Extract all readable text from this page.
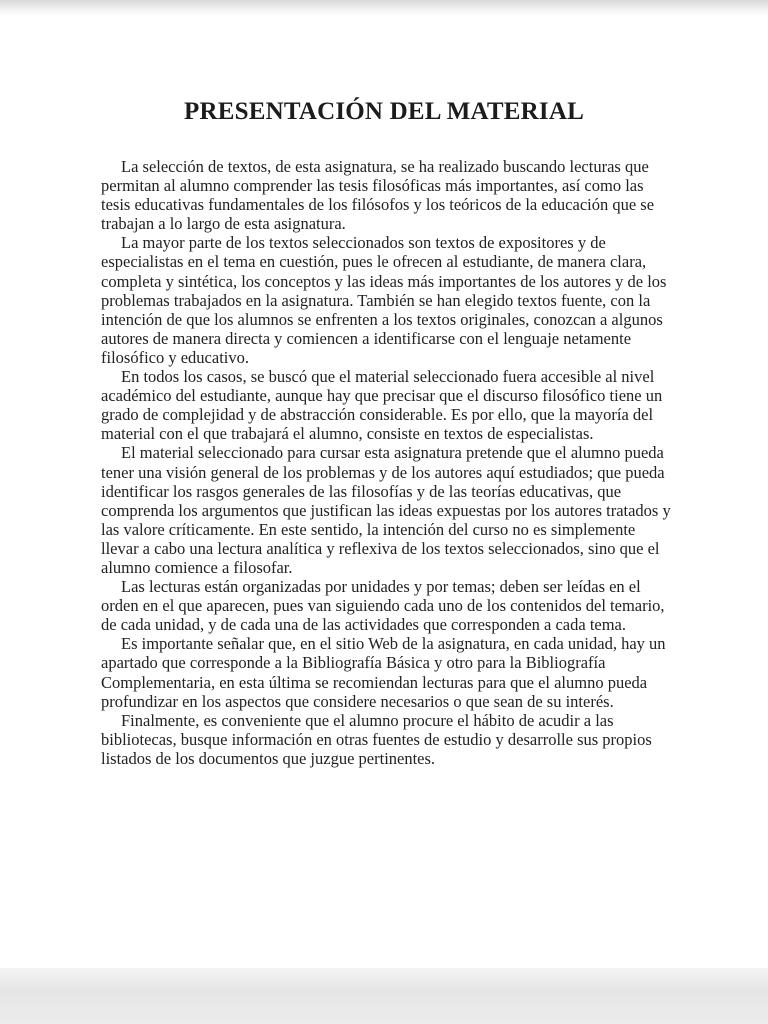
PRESENTACIÓN DEL MATERIAL

La selección de textos, de esta asignatura, se ha realizado buscando lecturas que permitan al alumno comprender las tesis filosóficas más importantes, así como las tesis educativas fundamentales de los filósofos y los teóricos de la educación que se trabajan a lo largo de esta asignatura.

La mayor parte de los textos seleccionados son textos de expositores y de especialistas en el tema en cuestión, pues le ofrecen al estudiante, de manera clara, completa y sintética, los conceptos y las ideas más importantes de los autores y de los problemas trabajados en la asignatura. También se han elegido textos fuente, con la intención de que los alumnos se enfrenten a los textos originales, conozcan a algunos autores de manera directa y comiencen a identificarse con el lenguaje netamente filosófico y educativo.

En todos los casos, se buscó que el material seleccionado fuera accesible al nivel académico del estudiante, aunque hay que precisar que el discurso filosófico tiene un grado de complejidad y de abstracción considerable. Es por ello, que la mayoría del material con el que trabajará el alumno, consiste en textos de especialistas.

El material seleccionado para cursar esta asignatura pretende que el alumno pueda tener una visión general de los problemas y de los autores aquí estudiados; que pueda identificar los rasgos generales de las filosofías y de las teorías educativas, que comprenda los argumentos que justifican las ideas expuestas por los autores tratados y las valore críticamente. En este sentido, la intención del curso no es simplemente llevar a cabo una lectura analítica y reflexiva de los textos seleccionados, sino que el alumno comience a filosofar.

Las lecturas están organizadas por unidades y por temas; deben ser leídas en el orden en el que aparecen, pues van siguiendo cada uno de los contenidos del temario, de cada unidad, y de cada una de las actividades que corresponden a cada tema.

Es importante señalar que, en el sitio Web de la asignatura, en cada unidad, hay un apartado que corresponde a la Bibliografía Básica y otro para la Bibliografía Complementaria, en esta última se recomiendan lecturas para que el alumno pueda profundizar en los aspectos que considere necesarios o que sean de su interés.

Finalmente, es conveniente que el alumno procure el hábito de acudir a las bibliotecas, busque información en otras fuentes de estudio y desarrolle sus propios listados de los documentos que juzgue pertinentes.
